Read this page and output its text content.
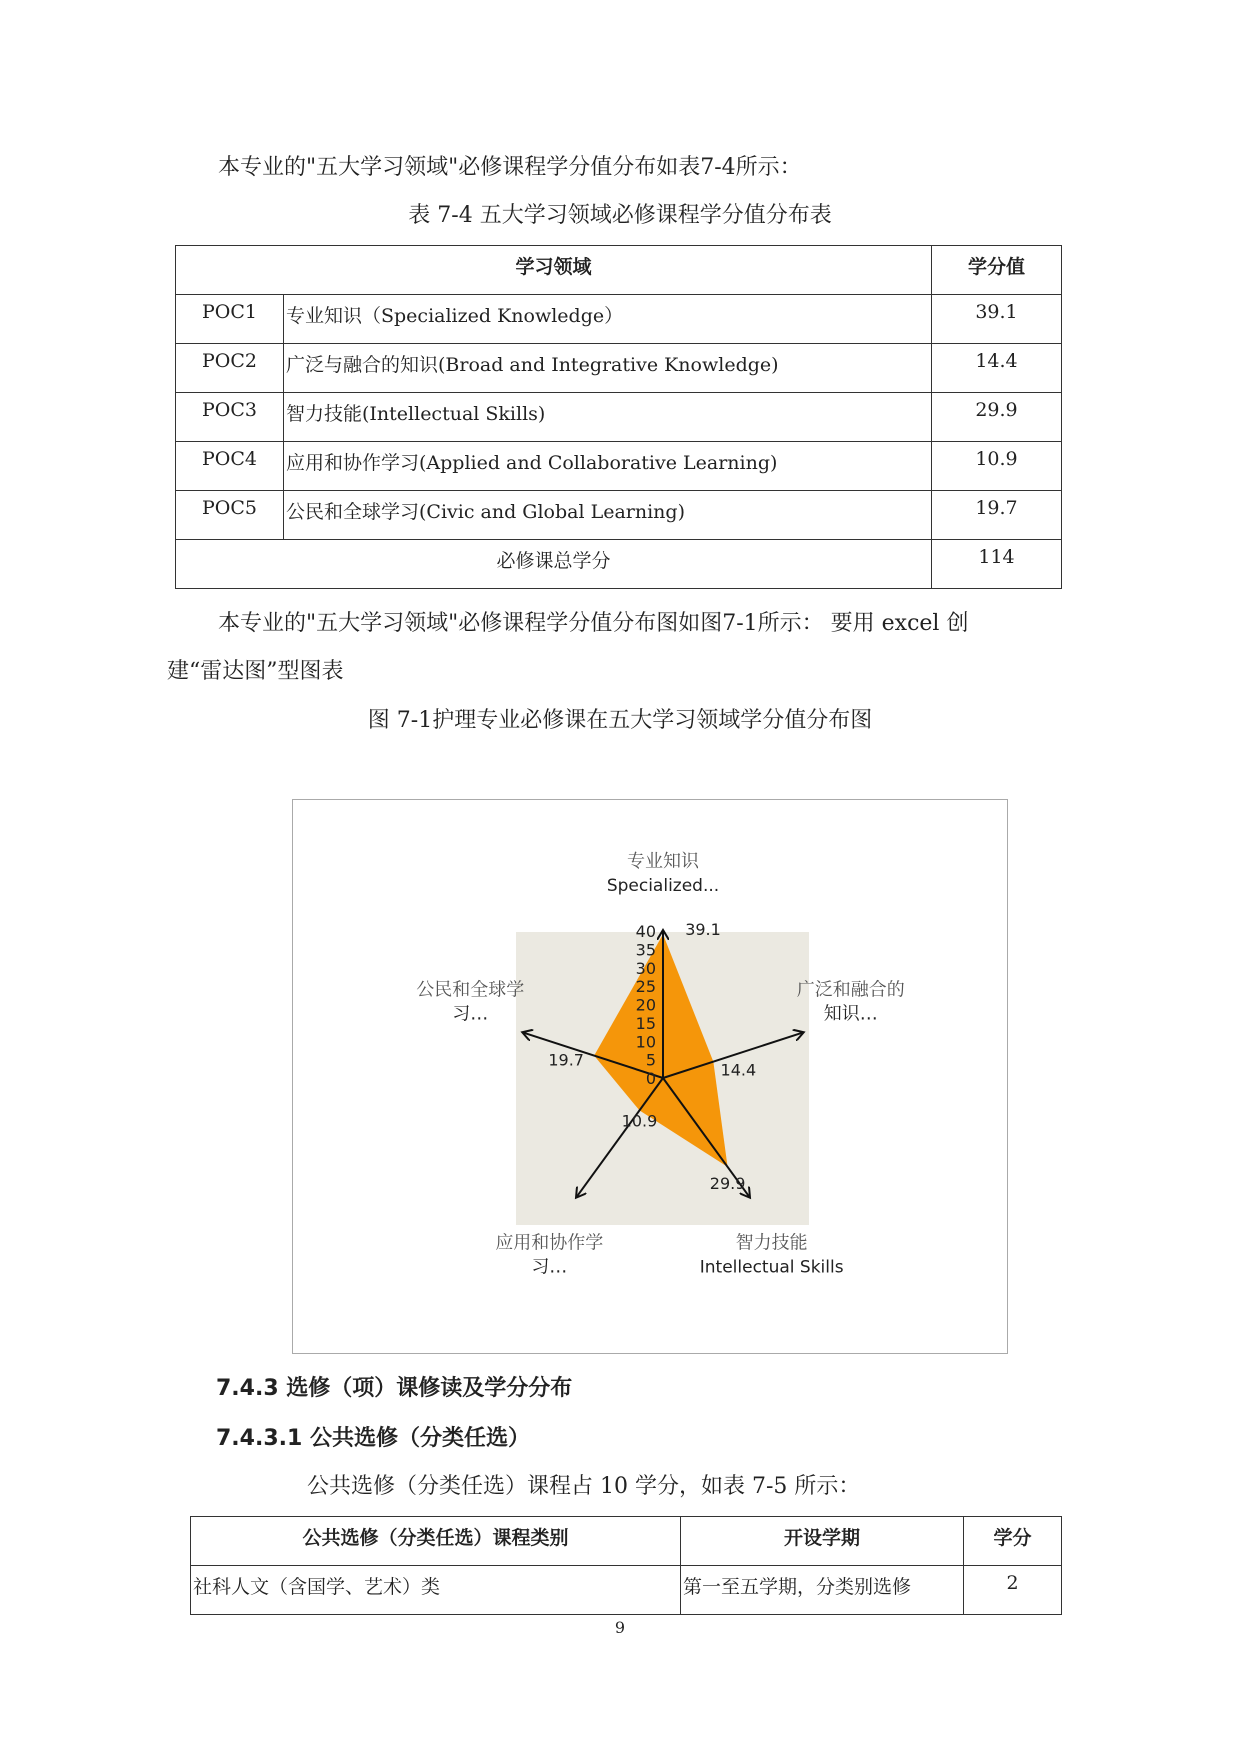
本专业的"五大学习领域"必修课程学分值分布如表7-4所示：
表 7-4 五大学习领域必修课程学分值分布表
学习领域		学分值
POC1	专业知识（Specialized Knowledge）	39.1
POC2	广泛与融合的知识(Broad and Integrative Knowledge)	14.4
POC3	智力技能(Intellectual Skills)	29.9
POC4	应用和协作学习(Applied and Collaborative Learning)	10.9
POC5	公民和全球学习(Civic and Global Learning)	19.7
必修课总学分		114
本专业的"五大学习领域"必修课程学分值分布图如图7-1所示： 要用 excel 创
建“雷达图”型图表
图 7-1护理专业必修课在五大学习领域学分值分布图
专业知识
Specialized...
39.1
广泛和融合的
知识…
14.4
智力技能
Intellectual Skills
29.9
应用和协作学
习…
10.9
公民和全球学
习…
19.7
0
5
10
15
20
25
30
35
40
7.4.3 选修（项）课修读及学分分布
7.4.3.1 公共选修（分类任选）
公共选修（分类任选）课程占 10 学分，如表 7-5 所示：
公共选修（分类任选）课程类别	开设学期	学分
社科人文（含国学、艺术）类	第一至五学期，分类别选修	2
9
